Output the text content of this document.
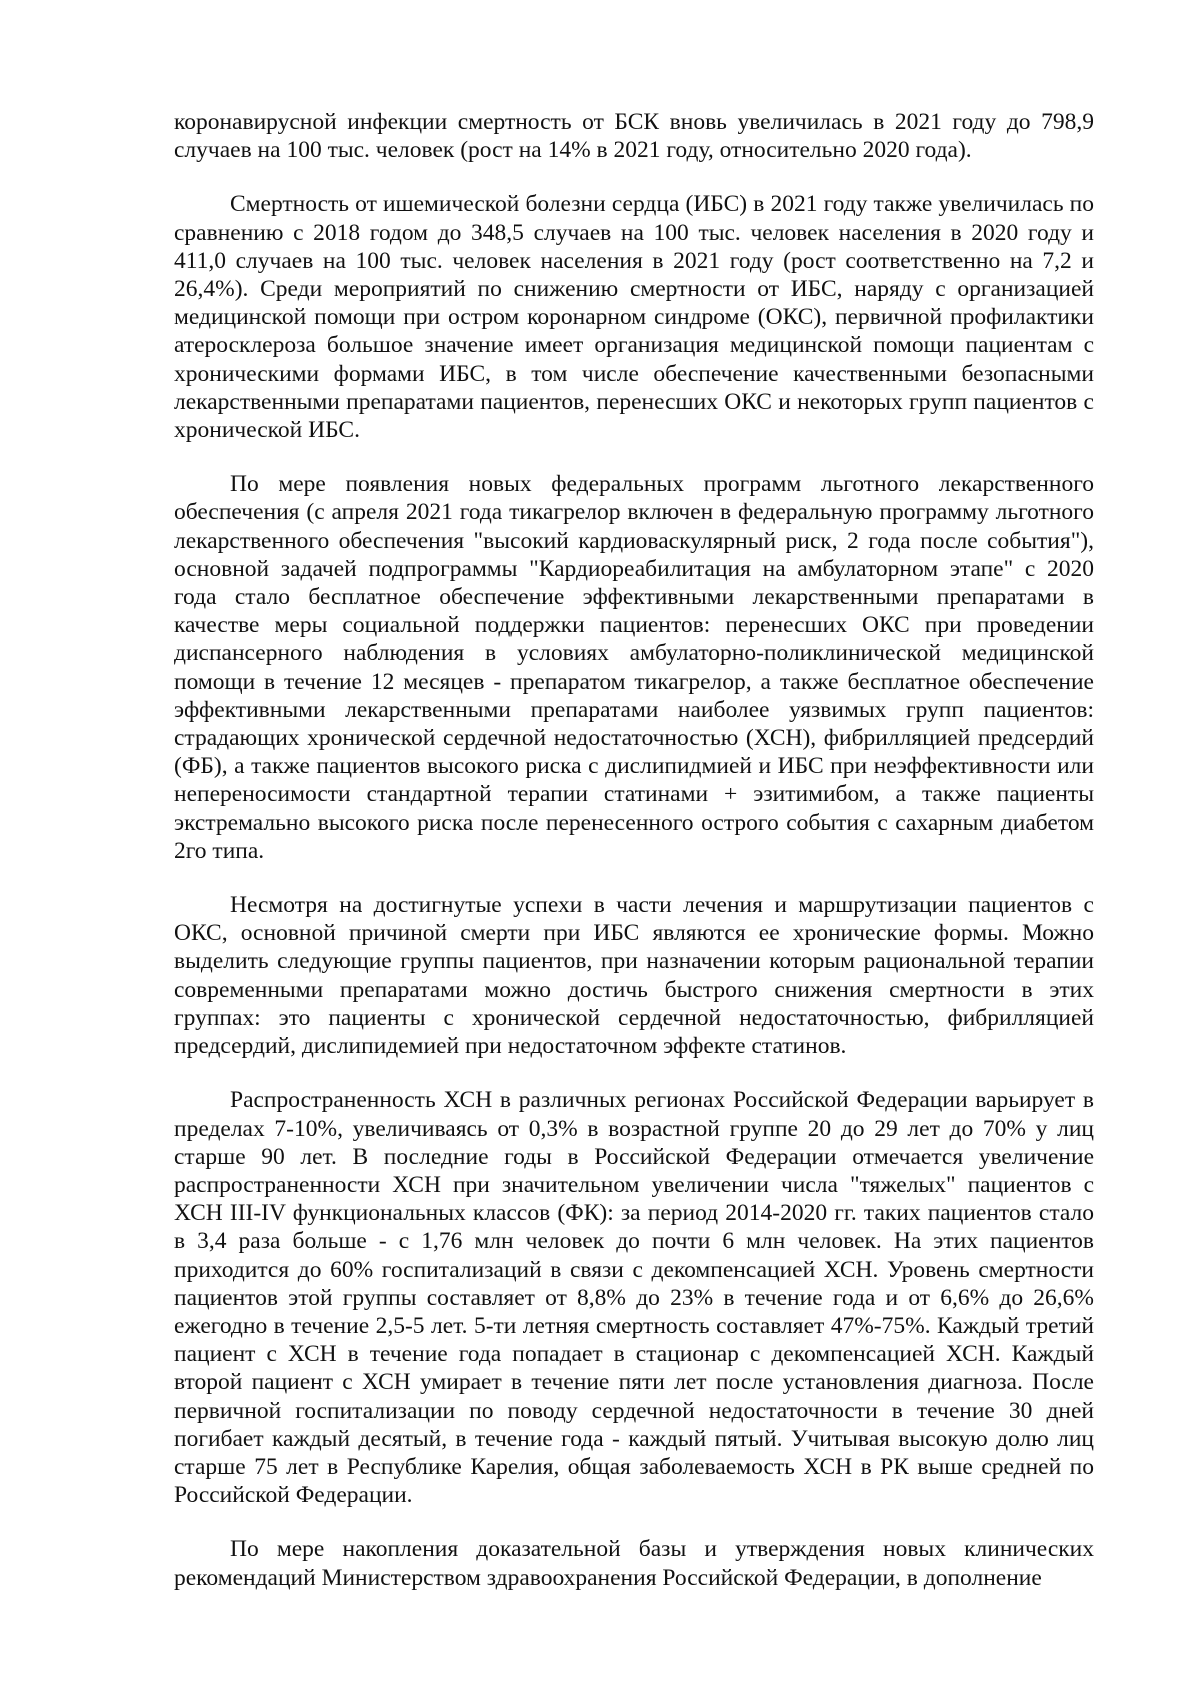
коронавирусной инфекции смертность от БСК вновь увеличилась в 2021 году до 798,9 случаев на 100 тыс. человек (рост на 14% в 2021 году, относительно 2020 года).

Смертность от ишемической болезни сердца (ИБС) в 2021 году также увеличилась по сравнению с 2018 годом до 348,5 случаев на 100 тыс. человек населения в 2020 году и 411,0 случаев на 100 тыс. человек населения в 2021 году (рост соответственно на 7,2 и 26,4%). Среди мероприятий по снижению смертности от ИБС, наряду с организацией медицинской помощи при остром коронарном синдроме (ОКС), первичной профилактики атеросклероза большое значение имеет организация медицинской помощи пациентам с хроническими формами ИБС, в том числе обеспечение качественными безопасными лекарственными препаратами пациентов, перенесших ОКС и некоторых групп пациентов с хронической ИБС.

По мере появления новых федеральных программ льготного лекарственного обеспечения (с апреля 2021 года тикагрелор включен в федеральную программу льготного лекарственного обеспечения "высокий кардиоваскулярный риск, 2 года после события"), основной задачей подпрограммы "Кардиореабилитация на амбулаторном этапе" с 2020 года стало бесплатное обеспечение эффективными лекарственными препаратами в качестве меры социальной поддержки пациентов: перенесших ОКС при проведении диспансерного наблюдения в условиях амбулаторно-поликлинической медицинской помощи в течение 12 месяцев - препаратом тикагрелор, а также бесплатное обеспечение эффективными лекарственными препаратами наиболее уязвимых групп пациентов: страдающих хронической сердечной недостаточностью (ХСН), фибрилляцией предсердий (ФБ), а также пациентов высокого риска с дислипидмией и ИБС при неэффективности или непереносимости стандартной терапии статинами + эзитимибом, а также пациенты экстремально высокого риска после перенесенного острого события с сахарным диабетом 2го типа.

Несмотря на достигнутые успехи в части лечения и маршрутизации пациентов с ОКС, основной причиной смерти при ИБС являются ее хронические формы. Можно выделить следующие группы пациентов, при назначении которым рациональной терапии современными препаратами можно достичь быстрого снижения смертности в этих группах: это пациенты с хронической сердечной недостаточностью, фибрилляцией предсердий, дислипидемией при недостаточном эффекте статинов.

Распространенность ХСН в различных регионах Российской Федерации варьирует в пределах 7-10%, увеличиваясь от 0,3% в возрастной группе 20 до 29 лет до 70% у лиц старше 90 лет. В последние годы в Российской Федерации отмечается увеличение распространенности ХСН при значительном увеличении числа "тяжелых" пациентов с ХСН III-IV функциональных классов (ФК): за период 2014-2020 гг. таких пациентов стало в 3,4 раза больше - с 1,76 млн человек до почти 6 млн человек. На этих пациентов приходится до 60% госпитализаций в связи с декомпенсацией ХСН. Уровень смертности пациентов этой группы составляет от 8,8% до 23% в течение года и от 6,6% до 26,6% ежегодно в течение 2,5-5 лет. 5-ти летняя смертность составляет 47%-75%. Каждый третий пациент с ХСН в течение года попадает в стационар с декомпенсацией ХСН. Каждый второй пациент с ХСН умирает в течение пяти лет после установления диагноза. После первичной госпитализации по поводу сердечной недостаточности в течение 30 дней погибает каждый десятый, в течение года - каждый пятый. Учитывая высокую долю лиц старше 75 лет в Республике Карелия, общая заболеваемость ХСН в РК выше средней по Российской Федерации.

По мере накопления доказательной базы и утверждения новых клинических рекомендаций Министерством здравоохранения Российской Федерации, в дополнение
